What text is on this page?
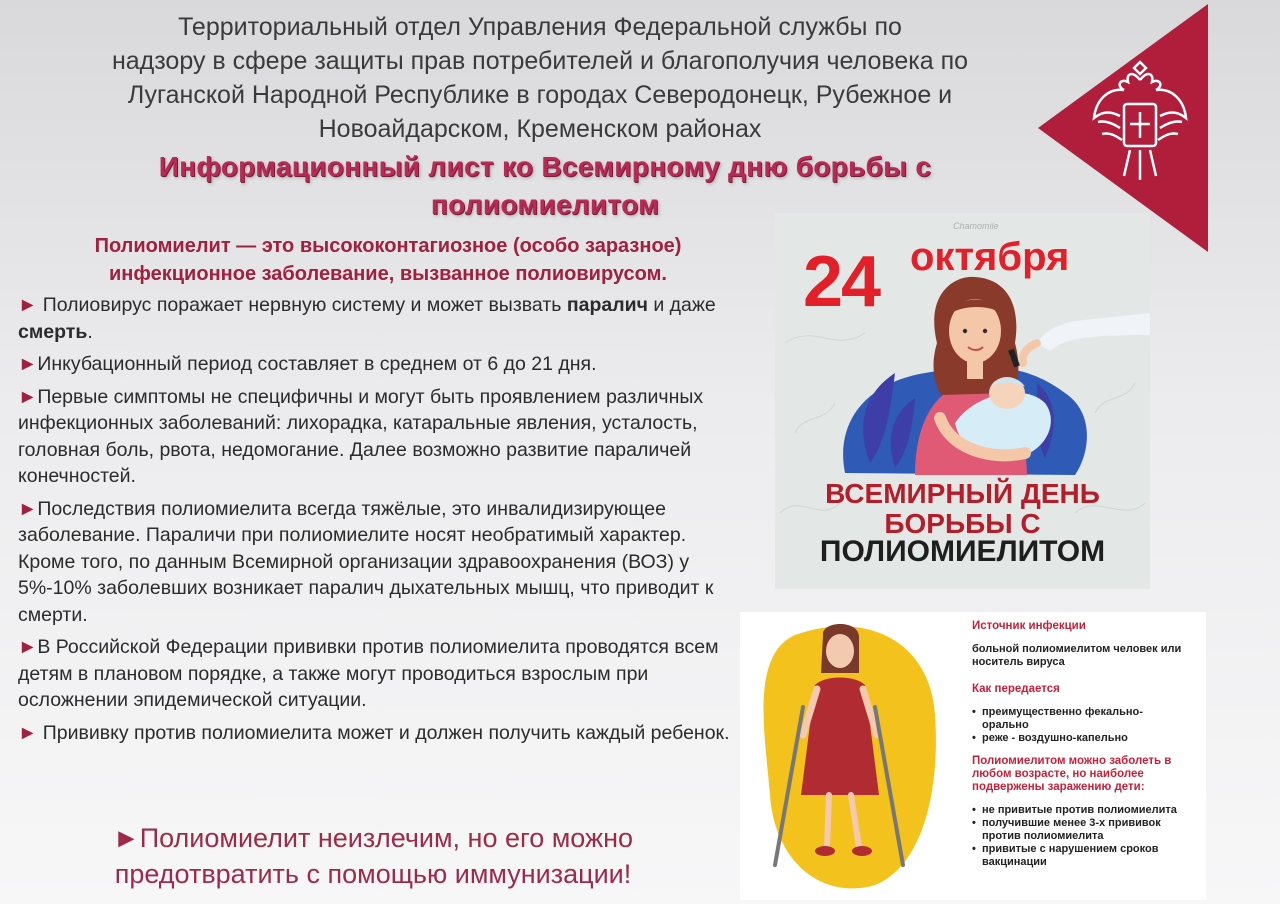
Территориальный отдел Управления Федеральной службы по
надзору в сфере защиты прав потребителей и благополучия человека по
Луганской Народной Республике в городах Северодонецк, Рубежное и
Новоайдарском, Кременском районах
Информационный лист ко Всемирному дню борьбы с
полиомиелитом
Полиомиелит — это высококонтагиозное (особо заразное)
инфекционное заболевание, вызванное полиовирусом.

► Полиовирус поражает нервную систему и может вызвать паралич и даже смерть.

►Инкубационный период составляет в среднем от 6 до 21 дня.

►Первые симптомы не специфичны и могут быть проявлением различных инфекционных заболеваний: лихорадка, катаральные явления, усталость, головная боль, рвота, недомогание. Далее возможно развитие параличей конечностей.

►Последствия полиомиелита всегда тяжёлые, это инвалидизирующее заболевание. Параличи при полиомиелите носят необратимый характер. Кроме того, по данным Всемирной организации здравоохранения (ВОЗ) у 5%-10% заболевших возникает паралич дыхательных мышц, что приводит к смерти.

►В Российской Федерации прививки против полиомиелита проводятся всем детям в плановом порядке, а также могут проводиться взрослым при осложнении эпидемической ситуации.

► Прививку против полиомиелита может и должен получить каждый ребенок.

►Полиомиелит неизлечим, но его можно
предотвратить с помощью иммунизации!
Chamomile
24 октября
ВСЕМИРНЫЙ ДЕНЬ
БОРЬБЫ С
ПОЛИОМИЕЛИТОМ
Источник инфекции
больной полиомиелитом человек или носитель вируса
Как передается
• преимущественно фекально-орально
• реже - воздушно-капельно
Полиомиелитом можно заболеть в любом возрасте, но наиболее подвержены заражению дети:
• не привитые против полиомиелита
• получившие менее 3-х прививок против полиомиелита
• привитые с нарушением сроков вакцинации
